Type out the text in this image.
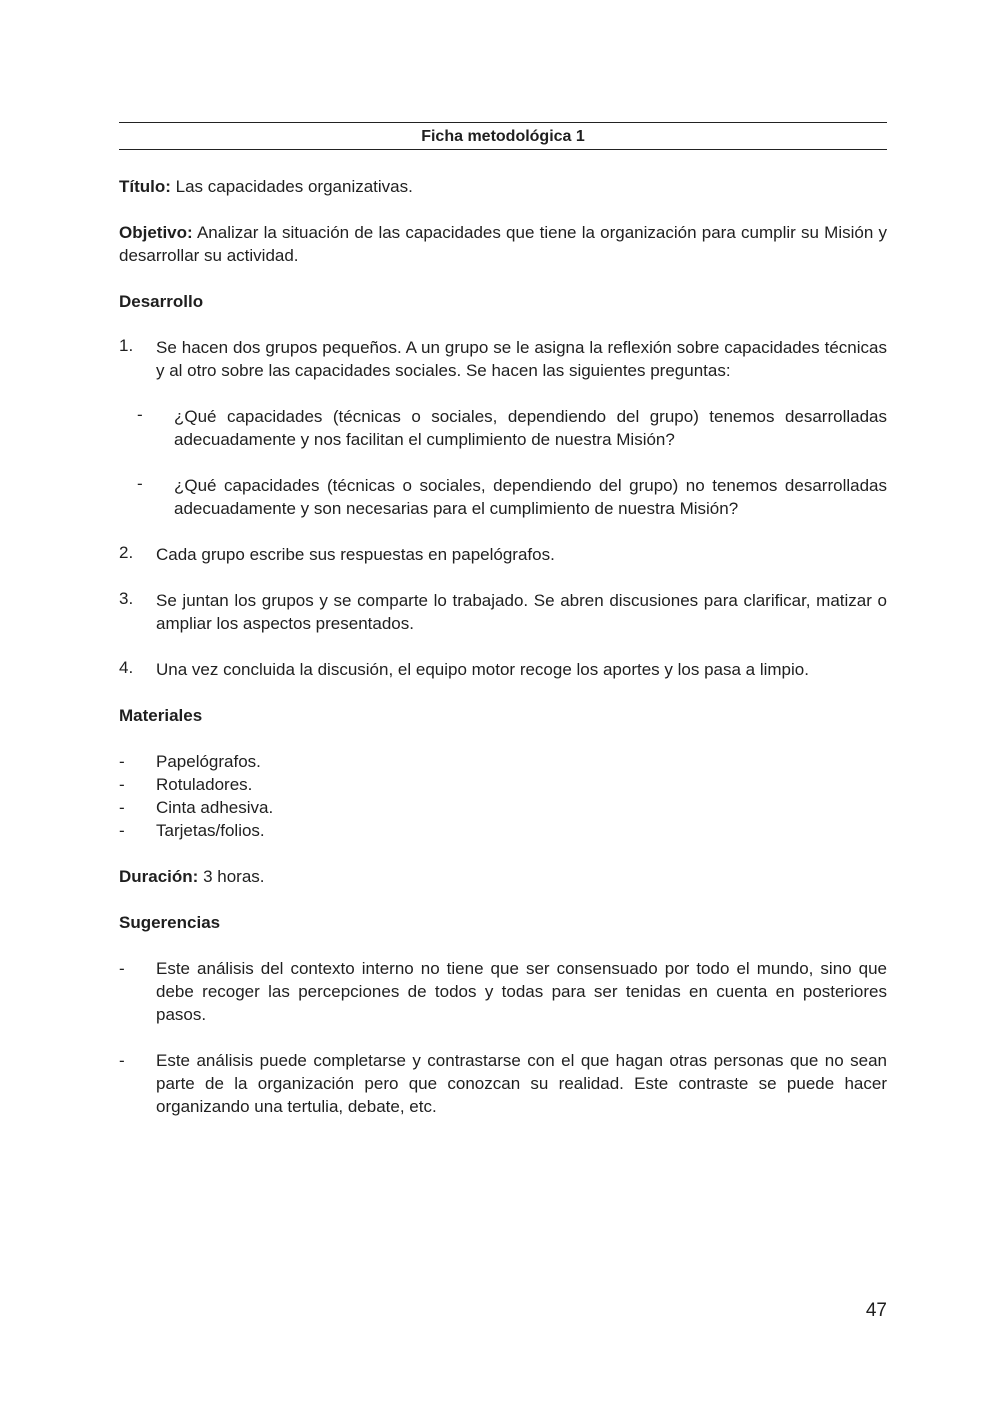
Ficha metodológica 1

Título: Las capacidades organizativas.

Objetivo: Analizar la situación de las capacidades que tiene la organización para cumplir su Misión y desarrollar su actividad.

Desarrollo

1.	Se hacen dos grupos pequeños. A un grupo se le asigna la reflexión sobre capacidades técnicas y al otro sobre las capacidades sociales. Se hacen las siguientes preguntas:
-	¿Qué capacidades (técnicas o sociales, dependiendo del grupo) tenemos desarrolladas adecuadamente y nos facilitan el cumplimiento de nuestra Misión?
-	¿Qué capacidades (técnicas o sociales, dependiendo del grupo) no tenemos desarrolladas adecuadamente y son necesarias para el cumplimiento de nuestra Misión?
2.	Cada grupo escribe sus respuestas en papelógrafos.
3.	Se juntan los grupos y se comparte lo trabajado. Se abren discusiones para clarificar, matizar o ampliar los aspectos presentados.
4.	Una vez concluida la discusión, el equipo motor recoge los aportes y los pasa a limpio.

Materiales

-	Papelógrafos.
-	Rotuladores.
-	Cinta adhesiva.
-	Tarjetas/folios.

Duración: 3 horas.

Sugerencias

-	Este análisis del contexto interno no tiene que ser consensuado por todo el mundo, sino que debe recoger las percepciones de todos y todas para ser tenidas en cuenta en posteriores pasos.
-	Este análisis puede completarse y contrastarse con el que hagan otras personas que no sean parte de la organización pero que conozcan su realidad. Este contraste se puede hacer organizando una tertulia, debate, etc.
47
